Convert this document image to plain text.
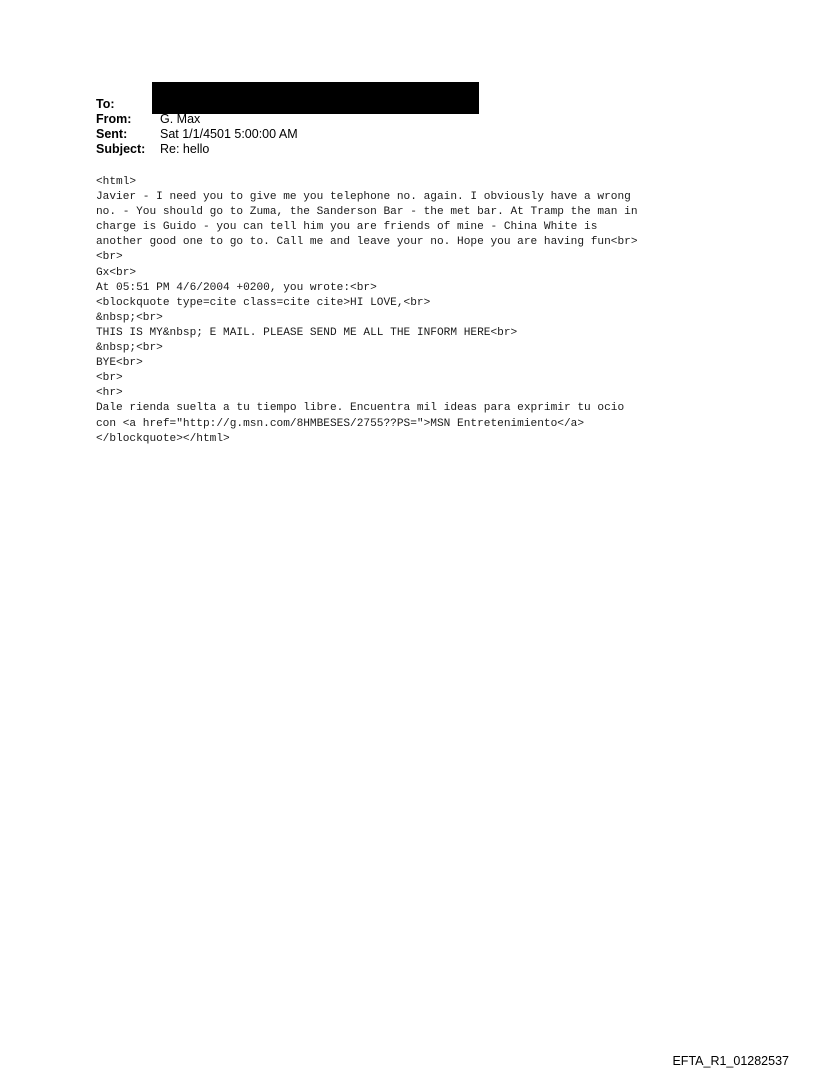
To:
From:	G. Max
Sent:	Sat 1/1/4501 5:00:00 AM
Subject:	Re: hello
<html>
Javier - I need you to give me you telephone no. again. I obviously have a wrong
no. - You should go to Zuma, the Sanderson Bar - the met bar. At Tramp the man in
charge is Guido - you can tell him you are friends of mine - China White is
another good one to go to. Call me and leave your no. Hope you are having fun<br>
<br>
Gx<br>
At 05:51 PM 4/6/2004 +0200, you wrote:<br>
<blockquote type=cite class=cite cite>HI LOVE,<br>
&nbsp;<br>
THIS IS MY&nbsp; E MAIL. PLEASE SEND ME ALL THE INFORM HERE<br>
&nbsp;<br>
BYE<br>
<br>
<hr>
Dale rienda suelta a tu tiempo libre. Encuentra mil ideas para exprimir tu ocio
con <a href="http://g.msn.com/8HMBESES/2755??PS=">MSN Entretenimiento</a>
</blockquote></html>
EFTA_R1_01282537
